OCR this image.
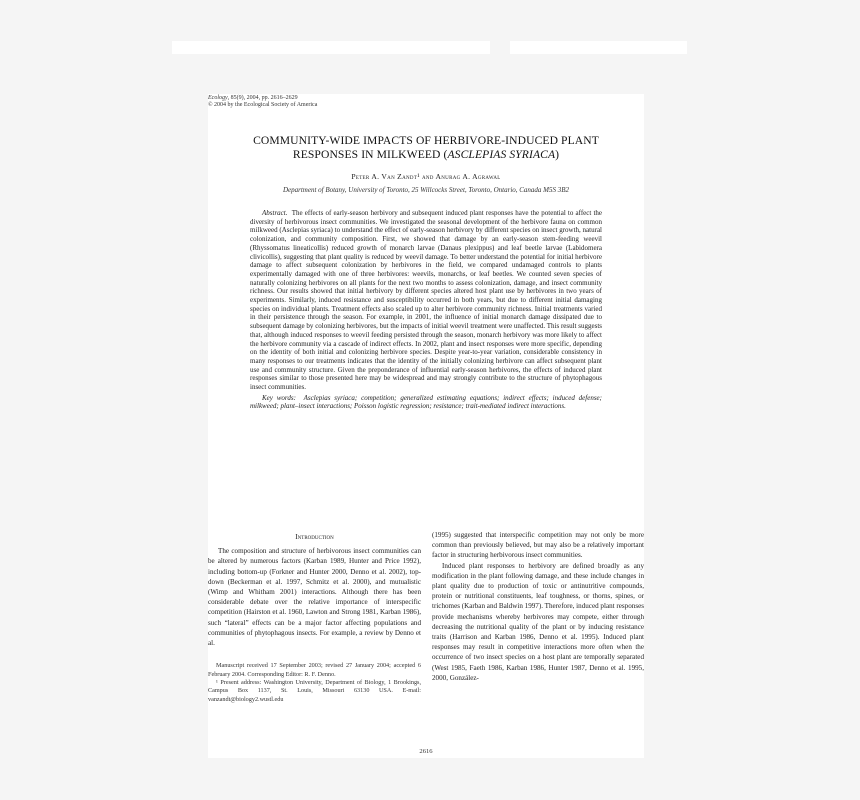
Ecology, 85(9), 2004, pp. 2616–2629
© 2004 by the Ecological Society of America
COMMUNITY-WIDE IMPACTS OF HERBIVORE-INDUCED PLANT
RESPONSES IN MILKWEED (ASCLEPIAS SYRIACA)
Peter A. Van Zandt¹ and Anurag A. Agrawal
Department of Botany, University of Toronto, 25 Willcocks Street, Toronto, Ontario, Canada M5S 3B2

Abstract. The effects of early-season herbivory and subsequent induced plant responses have the potential to affect the diversity of herbivorous insect communities. We investigated the seasonal development of the herbivore fauna on common milkweed (Asclepias syriaca) to understand the effect of early-season herbivory by different species on insect growth, natural colonization, and community composition. First, we showed that damage by an early-season stem-feeding weevil (Rhyssomatus lineaticollis) reduced growth of monarch larvae (Danaus plexippus) and leaf beetle larvae (Labidomera clivicollis), suggesting that plant quality is reduced by weevil damage. To better understand the potential for initial herbivore damage to affect subsequent colonization by herbivores in the field, we compared undamaged controls to plants experimentally damaged with one of three herbivores: weevils, monarchs, or leaf beetles. We counted seven species of naturally colonizing herbivores on all plants for the next two months to assess colonization, damage, and insect community richness. Our results showed that initial herbivory by different species altered host plant use by herbivores in two years of experiments. Similarly, induced resistance and susceptibility occurred in both years, but due to different initial damaging species on individual plants. Treatment effects also scaled up to alter herbivore community richness. Initial treatments varied in their persistence through the season. For example, in 2001, the influence of initial monarch damage dissipated due to subsequent damage by colonizing herbivores, but the impacts of initial weevil treatment were unaffected. This result suggests that, although induced responses to weevil feeding persisted through the season, monarch herbivory was more likely to affect the herbivore community via a cascade of indirect effects. In 2002, plant and insect responses were more specific, depending on the identity of both initial and colonizing herbivore species. Despite year-to-year variation, considerable consistency in many responses to our treatments indicates that the identity of the initially colonizing herbivore can affect subsequent plant use and community structure. Given the preponderance of influential early-season herbivores, the effects of induced plant responses similar to those presented here may be widespread and may strongly contribute to the structure of phytophagous insect communities.

Key words: Asclepias syriaca; competition; generalized estimating equations; indirect effects; induced defense; milkweed; plant–insect interactions; Poisson logistic regression; resistance; trait-mediated indirect interactions.

Introduction

The composition and structure of herbivorous insect communities can be altered by numerous factors (Karban 1989, Hunter and Price 1992), including bottom-up (Forkner and Hunter 2000, Denno et al. 2002), top-down (Beckerman et al. 1997, Schmitz et al. 2000), and mutualistic (Wimp and Whitham 2001) interactions. Although there has been considerable debate over the relative importance of interspecific competition (Hairston et al. 1960, Lawton and Strong 1981, Karban 1986), such “lateral” effects can be a major factor affecting populations and communities of phytophagous insects. For example, a review by Denno et al.

Manuscript received 17 September 2003; revised 27 January 2004; accepted 6 February 2004. Corresponding Editor: R. F. Denno.

¹ Present address: Washington University, Department of Biology, 1 Brookings, Campus Box 1137, St. Louis, Missouri 63130 USA. E-mail: vanzandt@biology2.wustl.edu

(1995) suggested that interspecific competition may not only be more common than previously believed, but may also be a relatively important factor in structuring herbivorous insect communities.

Induced plant responses to herbivory are defined broadly as any modification in the plant following damage, and these include changes in plant quality due to production of toxic or antinutritive compounds, protein or nutritional constituents, leaf toughness, or thorns, spines, or trichomes (Karban and Baldwin 1997). Therefore, induced plant responses provide mechanisms whereby herbivores may compete, either through decreasing the nutritional quality of the plant or by inducing resistance traits (Harrison and Karban 1986, Denno et al. 1995). Induced plant responses may result in competitive interactions more often when the occurrence of two insect species on a host plant are temporally separated (West 1985, Faeth 1986, Karban 1986, Hunter 1987, Denno et al. 1995, 2000, González-

2616
